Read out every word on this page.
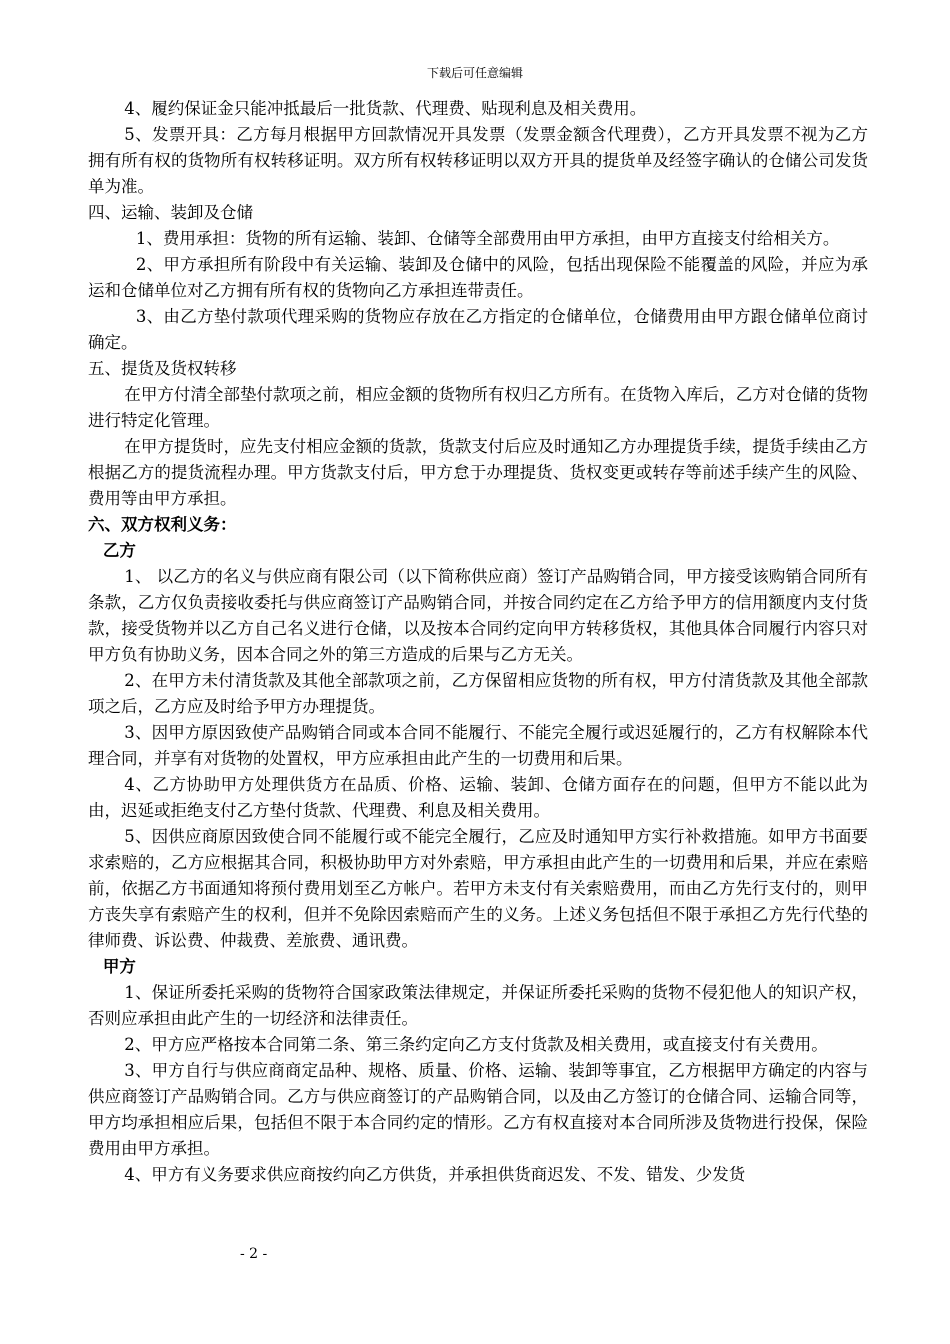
下载后可任意编辑

4、履约保证金只能冲抵最后一批货款、代理费、贴现利息及相关费用。

5、发票开具：乙方每月根据甲方回款情况开具发票（发票金额含代理费），乙方开具发票不视为乙方拥有所有权的货物所有权转移证明。双方所有权转移证明以双方开具的提货单及经签字确认的仓储公司发货单为准。

四、运输、装卸及仓储

1、费用承担：货物的所有运输、装卸、仓储等全部费用由甲方承担，由甲方直接支付给相关方。

2、甲方承担所有阶段中有关运输、装卸及仓储中的风险，包括出现保险不能覆盖的风险，并应为承运和仓储单位对乙方拥有所有权的货物向乙方承担连带责任。

3、由乙方垫付款项代理采购的货物应存放在乙方指定的仓储单位，仓储费用由甲方跟仓储单位商讨确定。

五、提货及货权转移

在甲方付清全部垫付款项之前，相应金额的货物所有权归乙方所有。在货物入库后，乙方对仓储的货物进行特定化管理。

在甲方提货时，应先支付相应金额的货款，货款支付后应及时通知乙方办理提货手续，提货手续由乙方根据乙方的提货流程办理。甲方货款支付后，甲方怠于办理提货、货权变更或转存等前述手续产生的风险、费用等由甲方承担。

六、双方权利义务：

乙方

1、 以乙方的名义与供应商有限公司（以下简称供应商）签订产品购销合同，甲方接受该购销合同所有条款，乙方仅负责接收委托与供应商签订产品购销合同，并按合同约定在乙方给予甲方的信用额度内支付货款，接受货物并以乙方自己名义进行仓储，以及按本合同约定向甲方转移货权，其他具体合同履行内容只对甲方负有协助义务，因本合同之外的第三方造成的后果与乙方无关。

2、在甲方未付清货款及其他全部款项之前，乙方保留相应货物的所有权，甲方付清货款及其他全部款项之后，乙方应及时给予甲方办理提货。

3、因甲方原因致使产品购销合同或本合同不能履行、不能完全履行或迟延履行的，乙方有权解除本代理合同，并享有对货物的处置权，甲方应承担由此产生的一切费用和后果。

4、乙方协助甲方处理供货方在品质、价格、运输、装卸、仓储方面存在的问题，但甲方不能以此为由，迟延或拒绝支付乙方垫付货款、代理费、利息及相关费用。

5、因供应商原因致使合同不能履行或不能完全履行，乙应及时通知甲方实行补救措施。如甲方书面要求索赔的，乙方应根据其合同，积极协助甲方对外索赔，甲方承担由此产生的一切费用和后果，并应在索赔前，依据乙方书面通知将预付费用划至乙方帐户。若甲方未支付有关索赔费用，而由乙方先行支付的，则甲方丧失享有索赔产生的权利，但并不免除因索赔而产生的义务。上述义务包括但不限于承担乙方先行代垫的律师费、诉讼费、仲裁费、差旅费、通讯费。

甲方

1、保证所委托采购的货物符合国家政策法律规定，并保证所委托采购的货物不侵犯他人的知识产权，否则应承担由此产生的一切经济和法律责任。

2、甲方应严格按本合同第二条、第三条约定向乙方支付货款及相关费用，或直接支付有关费用。

3、甲方自行与供应商商定品种、规格、质量、价格、运输、装卸等事宜，乙方根据甲方确定的内容与供应商签订产品购销合同。乙方与供应商签订的产品购销合同，以及由乙方签订的仓储合同、运输合同等，甲方均承担相应后果，包括但不限于本合同约定的情形。乙方有权直接对本合同所涉及货物进行投保，保险费用由甲方承担。

4、甲方有义务要求供应商按约向乙方供货，并承担供货商迟发、不发、错发、少发货

- 2 -
